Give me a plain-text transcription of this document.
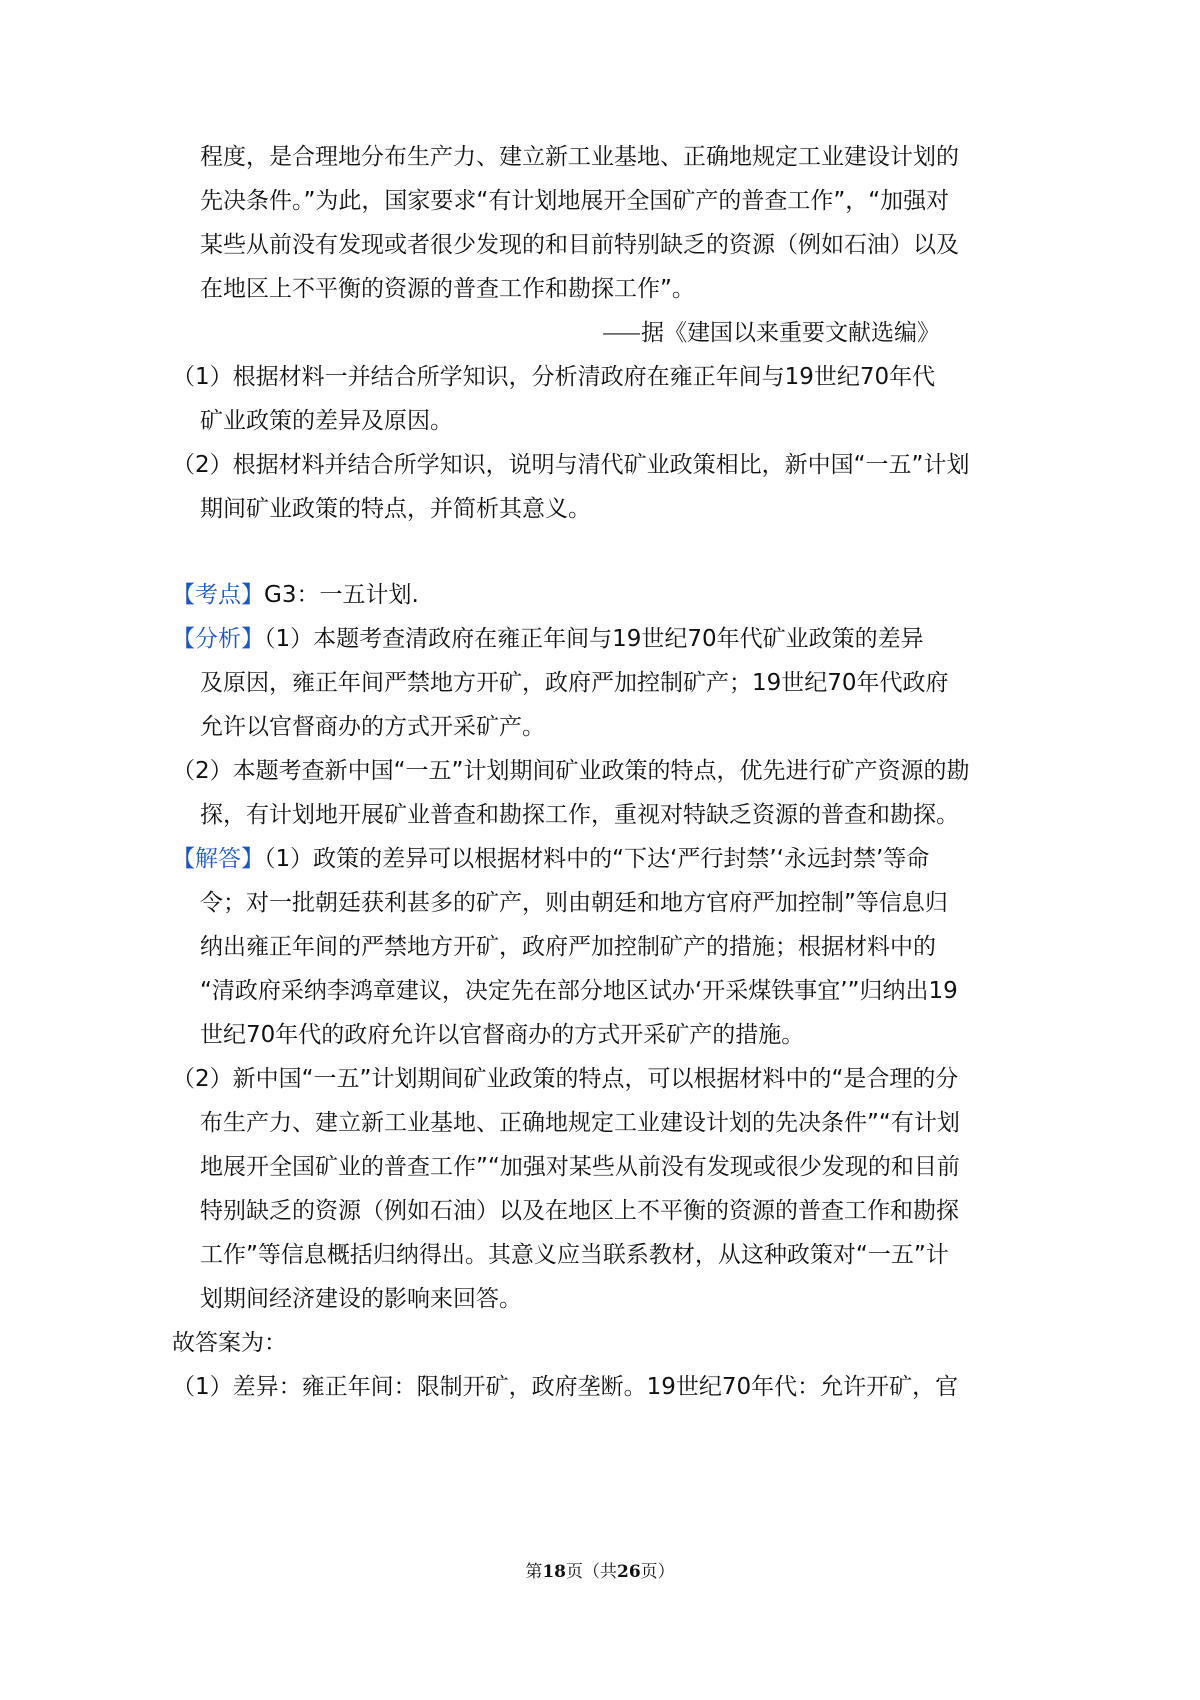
程度，是合理地分布生产力、建立新工业基地、正确地规定工业建设计划的
先决条件。”为此，国家要求“有计划地展开全国矿产的普查工作”，“加强对
某些从前没有发现或者很少发现的和目前特别缺乏的资源（例如石油）以及
在地区上不平衡的资源的普查工作和勘探工作”。
⸺据《建国以来重要文献选编》
（1）根据材料一并结合所学知识，分析清政府在雍正年间与19世纪70年代
矿业政策的差异及原因。
（2）根据材料并结合所学知识，说明与清代矿业政策相比，新中国“一五”计划
期间矿业政策的特点，并简析其意义。
【考点】G3：一五计划.
【分析】（1）本题考查清政府在雍正年间与19世纪70年代矿业政策的差异
及原因，雍正年间严禁地方开矿，政府严加控制矿产；19世纪70年代政府
允许以官督商办的方式开采矿产。
（2）本题考查新中国“一五”计划期间矿业政策的特点，优先进行矿产资源的勘
探，有计划地开展矿业普查和勘探工作，重视对特缺乏资源的普查和勘探。
【解答】（1）政策的差异可以根据材料中的“下达‘严行封禁’‘永远封禁’等命
令；对一批朝廷获利甚多的矿产，则由朝廷和地方官府严加控制”等信息归
纳出雍正年间的严禁地方开矿，政府严加控制矿产的措施；根据材料中的
“清政府采纳李鸿章建议，决定先在部分地区试办‘开采煤铁事宜’”归纳出19
世纪70年代的政府允许以官督商办的方式开采矿产的措施。
（2）新中国“一五”计划期间矿业政策的特点，可以根据材料中的“是合理的分
布生产力、建立新工业基地、正确地规定工业建设计划的先决条件”“有计划
地展开全国矿业的普查工作”“加强对某些从前没有发现或很少发现的和目前
特别缺乏的资源（例如石油）以及在地区上不平衡的资源的普查工作和勘探
工作”等信息概括归纳得出。其意义应当联系教材，从这种政策对“一五”计
划期间经济建设的影响来回答。
故答案为：
（1）差异：雍正年间：限制开矿，政府垄断。19世纪70年代：允许开矿，官
第18页（共26页）
